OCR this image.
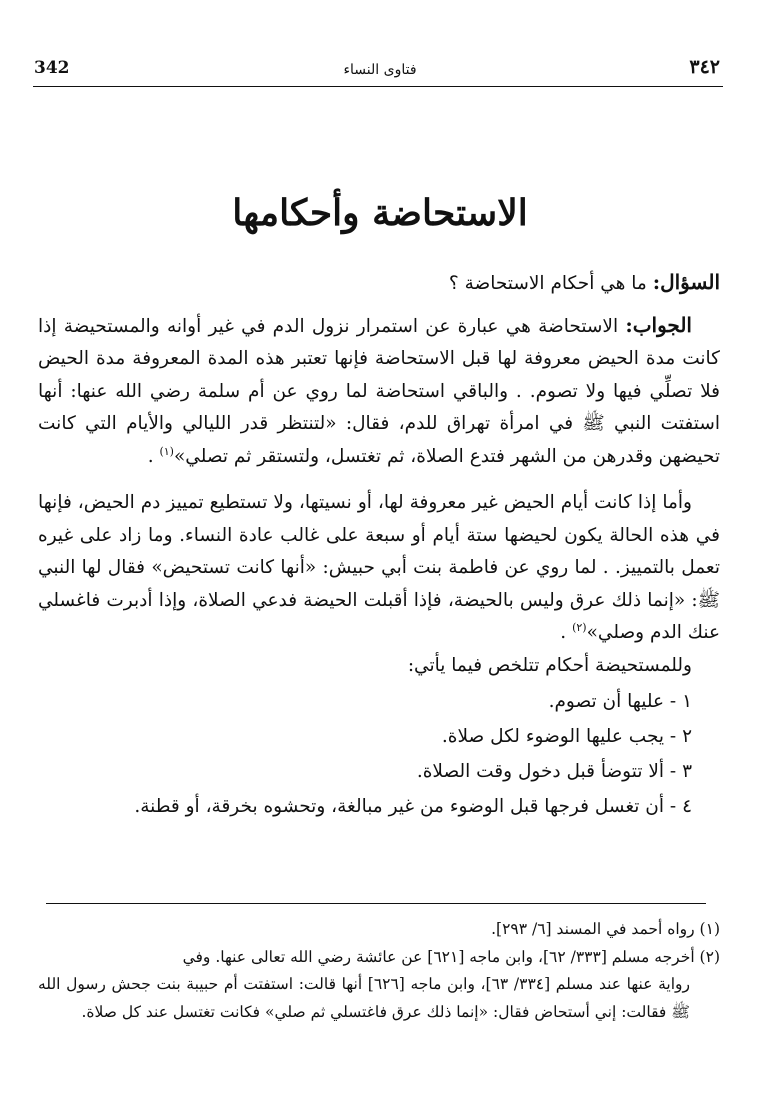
342	فتاوى النساء	٣٤٢
الاستحاضة وأحكامها

السؤال: ما هي أحكام الاستحاضة ؟

الجواب: الاستحاضة هي عبارة عن استمرار نزول الدم في غير أوانه والمستحيضة إذا كانت مدة الحيض معروفة لها قبل الاستحاضة فإنها تعتبر هذه المدة المعروفة مدة الحيض فلا تصلِّي فيها ولا تصوم. . والباقي استحاضة لما روي عن أم سلمة رضي الله عنها: أنها استفتت النبي ﷺ في امرأة تهراق للدم، فقال: «لتنتظر قدر الليالي والأيام التي كانت تحيضهن وقدرهن من الشهر فتدع الصلاة، ثم تغتسل، ولتستقر ثم تصلي»$^{(١)}$ .

وأما إذا كانت أيام الحيض غير معروفة لها، أو نسيتها، ولا تستطيع تمييز دم الحيض، فإنها في هذه الحالة يكون لحيضها ستة أيام أو سبعة على غالب عادة النساء. وما زاد على غيره تعمل بالتمييز. . لما روي عن فاطمة بنت أبي حبيش: «أنها كانت تستحيض» فقال لها النبي ﷺ: «إنما ذلك عرق وليس بالحيضة، فإذا أقبلت الحيضة فدعي الصلاة، وإذا أدبرت فاغسلي عنك الدم وصلي»$^{(٢)}$ .

وللمستحيضة أحكام تتلخص فيما يأتي:

١ - عليها أن تصوم.

٢ - يجب عليها الوضوء لكل صلاة.

٣ - ألا تتوضأ قبل دخول وقت الصلاة.

٤ - أن تغسل فرجها قبل الوضوء من غير مبالغة، وتحشوه بخرقة، أو قطنة.

(١) رواه أحمد في المسند [٦/ ٢٩٣].

(٢) أخرجه مسلم [٣٣٣/ ٦٢]، وابن ماجه [٦٢١] عن عائشة رضي الله تعالى عنها. وفي

رواية عنها عند مسلم [٣٣٤/ ٦٣]، وابن ماجه [٦٢٦] أنها قالت: استفتت أم حبيبة بنت جحش رسول الله ﷺ فقالت: إني أستحاض فقال: «إنما ذلك عرق فاغتسلي ثم صلي» فكانت تغتسل عند كل صلاة.
